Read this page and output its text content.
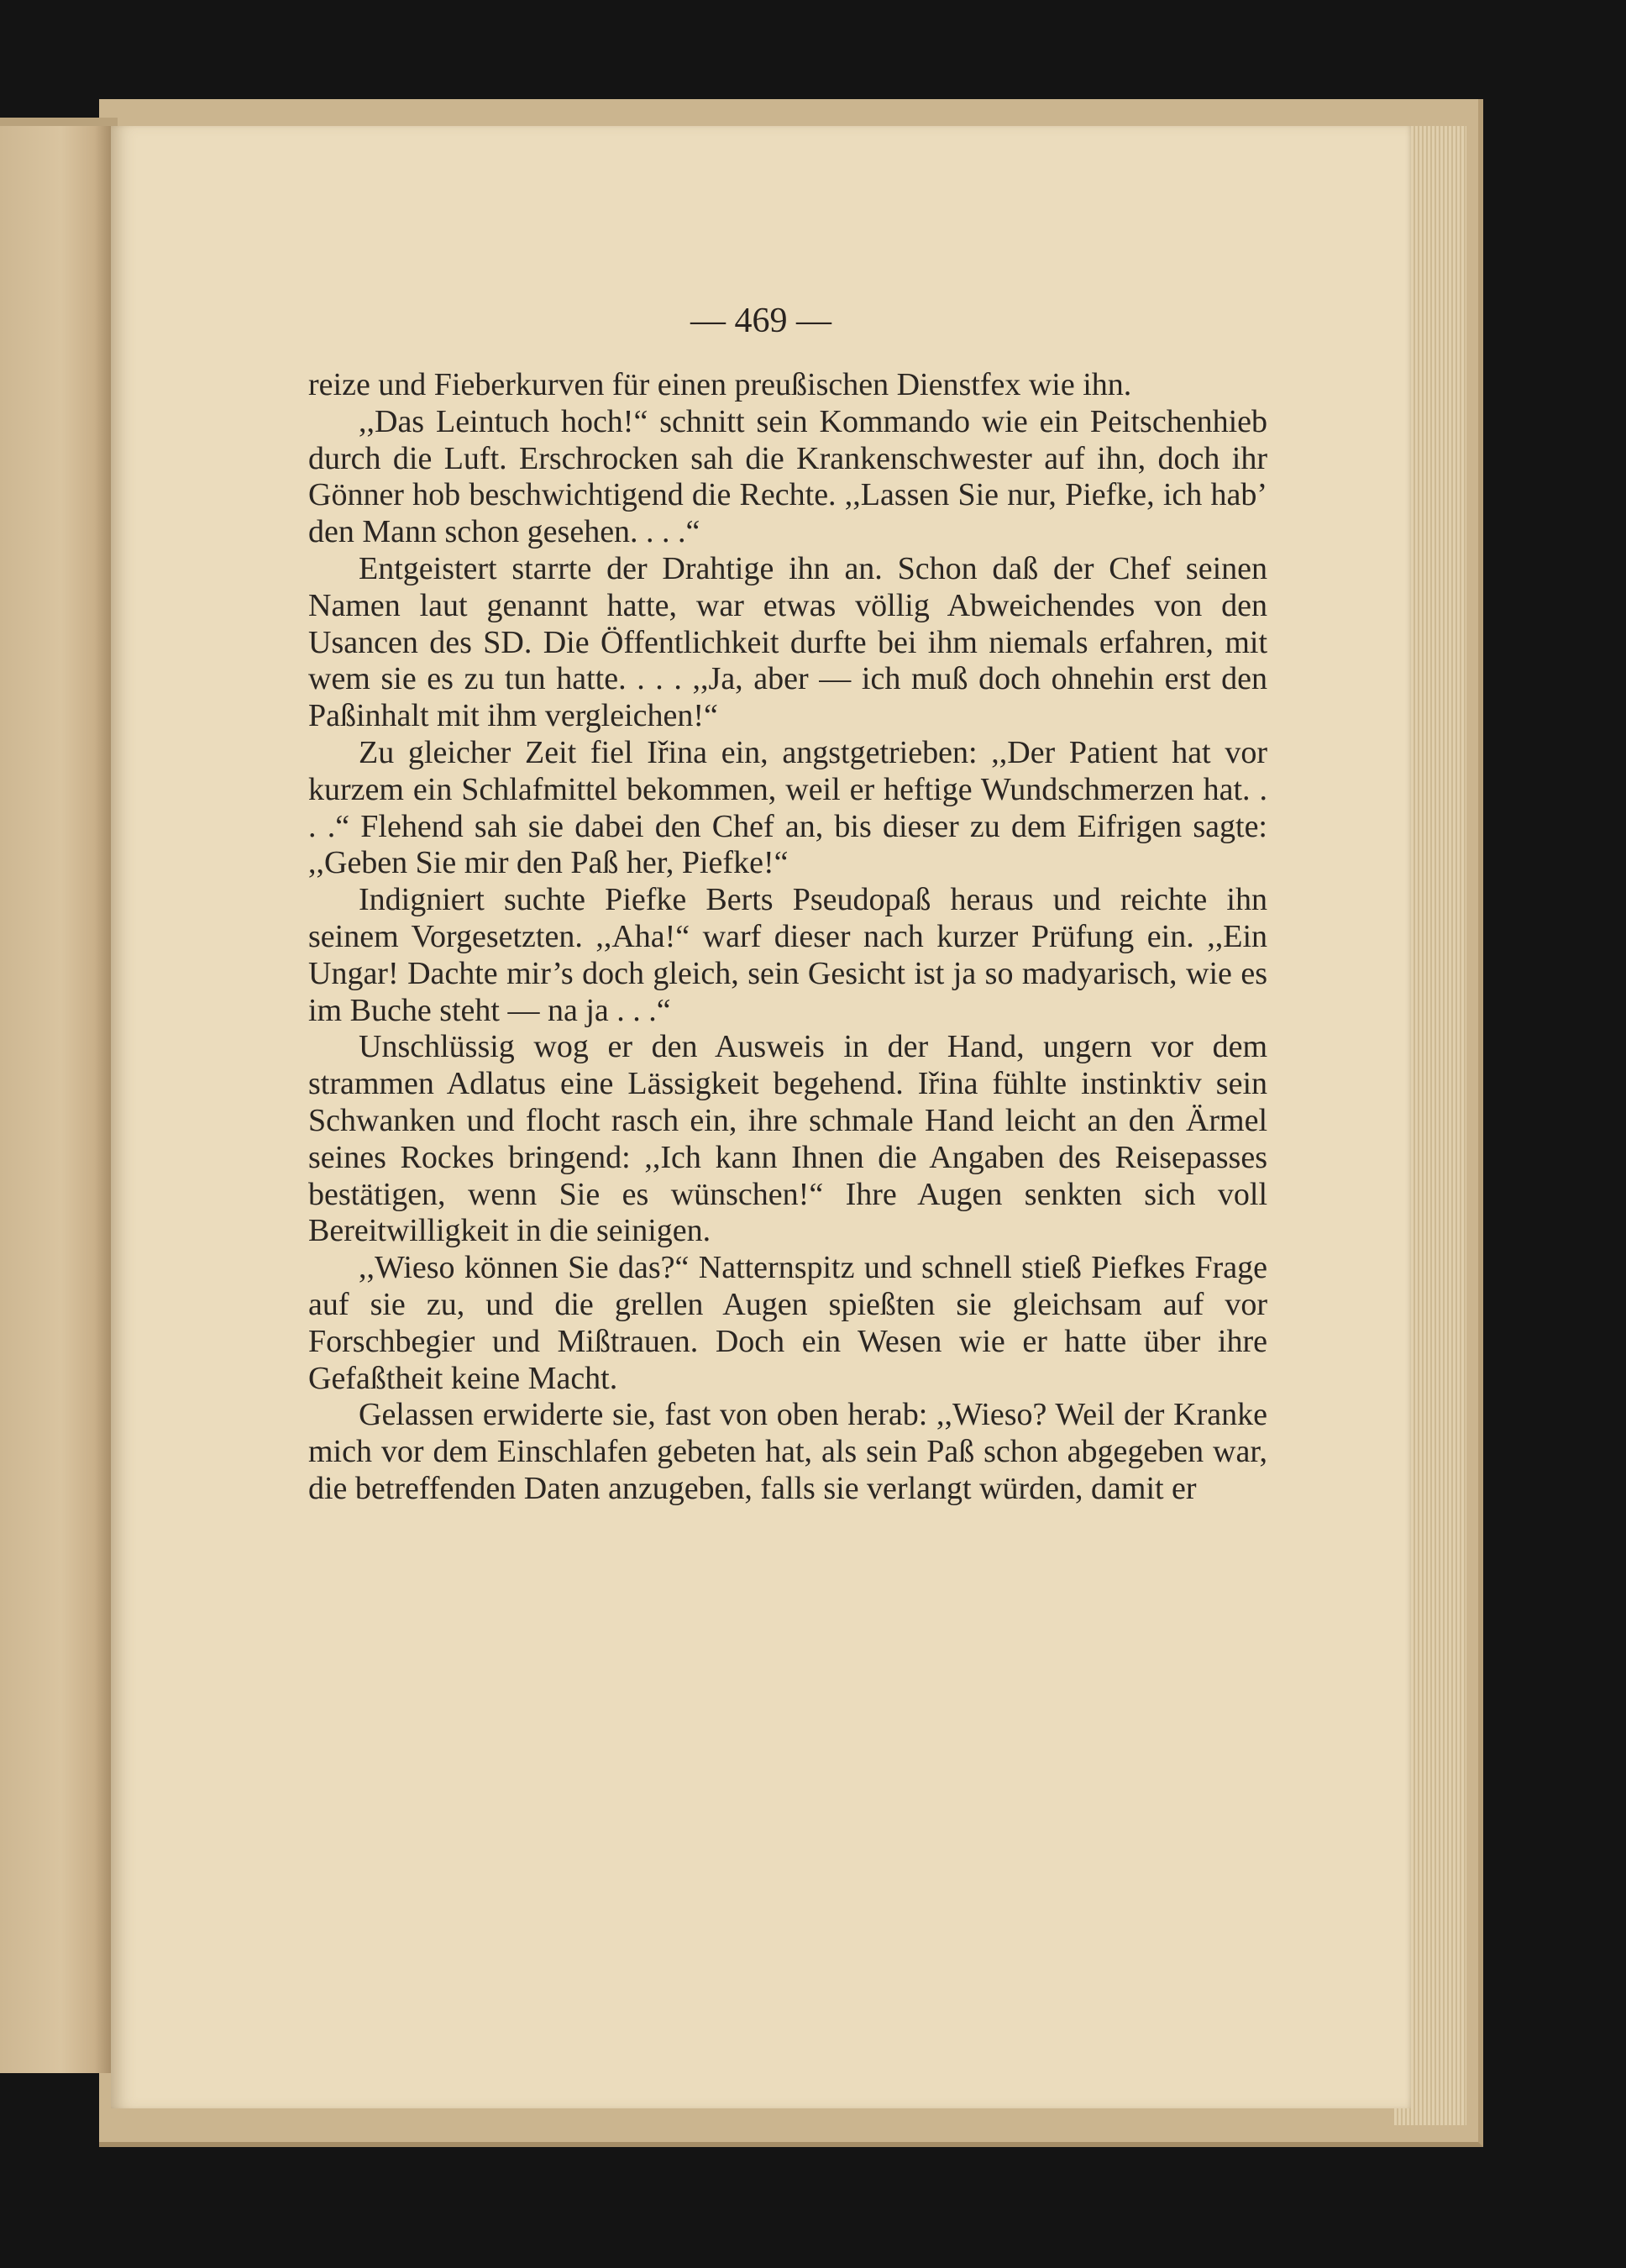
— 469 —

reize und Fieberkurven für einen preußischen Dienstfex wie ihn.

,,Das Leintuch hoch!“ schnitt sein Kommando wie ein Peitschenhieb durch die Luft. Erschrocken sah die Krankenschwester auf ihn, doch ihr Gönner hob beschwichtigend die Rechte. ,,Lassen Sie nur, Piefke, ich hab’ den Mann schon gesehen. . . .“

Entgeistert starrte der Drahtige ihn an. Schon daß der Chef seinen Namen laut genannt hatte, war etwas völlig Abweichendes von den Usancen des SD. Die Öffentlichkeit durfte bei ihm niemals erfahren, mit wem sie es zu tun hatte. . . . ,,Ja, aber — ich muß doch ohnehin erst den Paßinhalt mit ihm vergleichen!“

Zu gleicher Zeit fiel Iřina ein, angstgetrieben: ,,Der Patient hat vor kurzem ein Schlafmittel bekommen, weil er heftige Wundschmerzen hat. . . .“ Flehend sah sie dabei den Chef an, bis dieser zu dem Eifrigen sagte: ,,Geben Sie mir den Paß her, Piefke!“

Indigniert suchte Piefke Berts Pseudopaß heraus und reichte ihn seinem Vorgesetzten. ,,Aha!“ warf dieser nach kurzer Prüfung ein. ,,Ein Ungar! Dachte mir’s doch gleich, sein Gesicht ist ja so madyarisch, wie es im Buche steht — na ja . . .“

Unschlüssig wog er den Ausweis in der Hand, ungern vor dem strammen Adlatus eine Lässigkeit begehend. Iřina fühlte instinktiv sein Schwanken und flocht rasch ein, ihre schmale Hand leicht an den Ärmel seines Rockes bringend: ,,Ich kann Ihnen die Angaben des Reisepasses bestätigen, wenn Sie es wünschen!“ Ihre Augen senkten sich voll Bereitwilligkeit in die seinigen.

,,Wieso können Sie das?“ Natternspitz und schnell stieß Piefkes Frage auf sie zu, und die grellen Augen spießten sie gleichsam auf vor Forschbegier und Mißtrauen. Doch ein Wesen wie er hatte über ihre Gefaßtheit keine Macht.

Gelassen erwiderte sie, fast von oben herab: ,,Wieso? Weil der Kranke mich vor dem Einschlafen gebeten hat, als sein Paß schon abgegeben war, die betreffenden Daten anzugeben, falls sie verlangt würden, damit er
